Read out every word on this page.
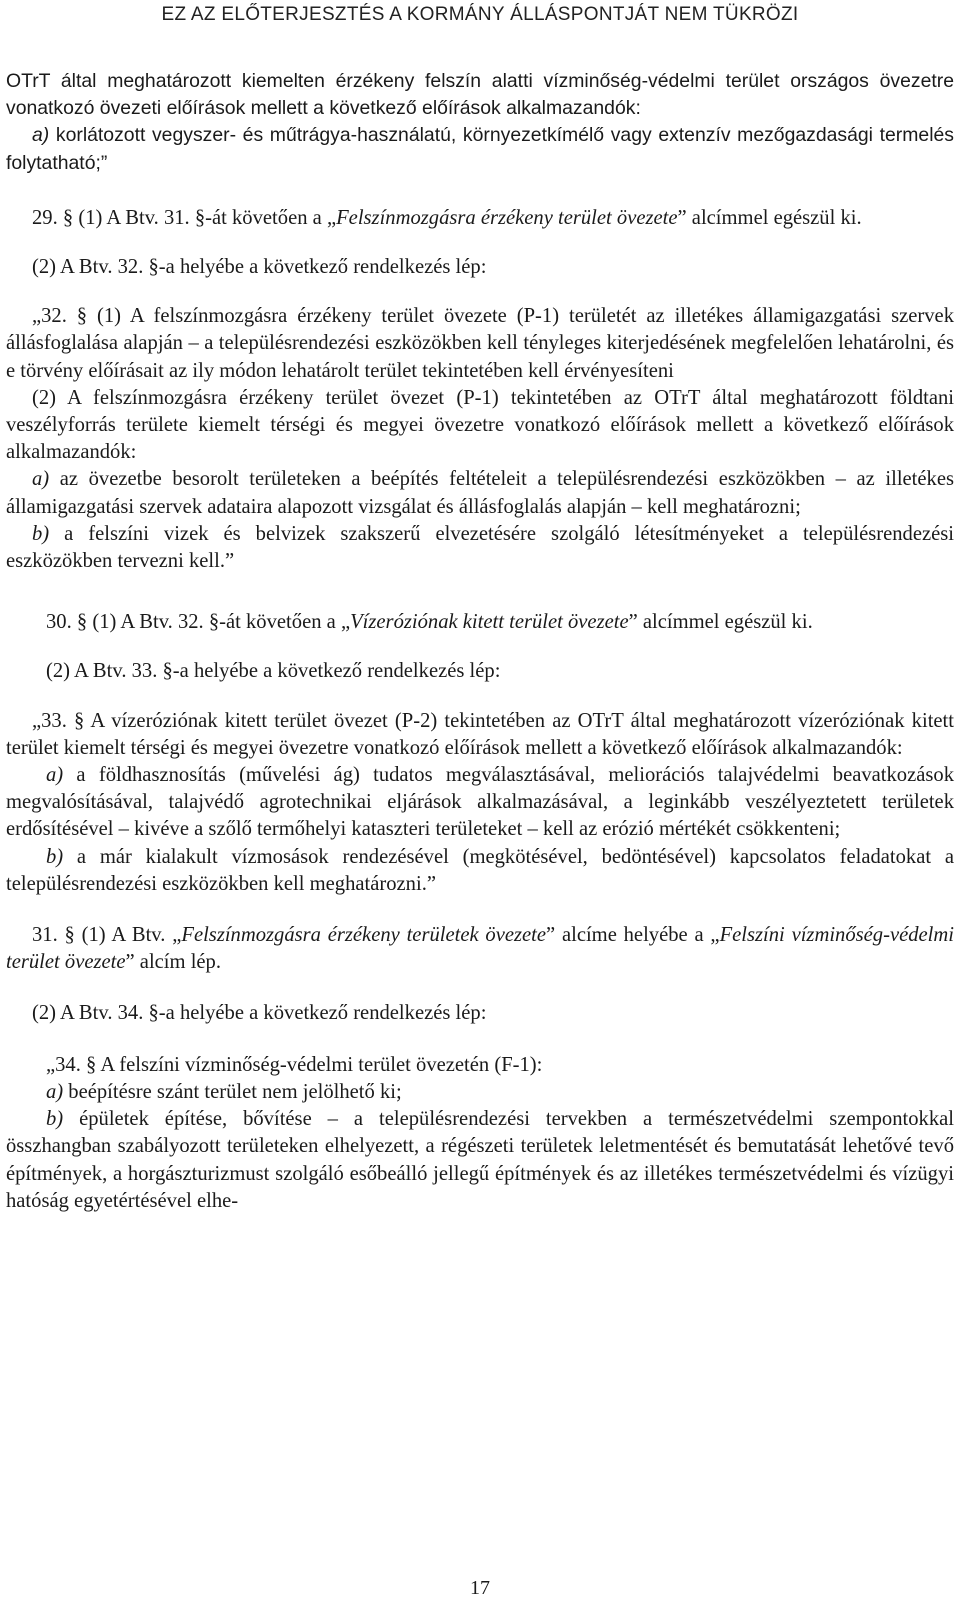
EZ AZ ELŐTERJESZTÉS A KORMÁNY ÁLLÁSPONTJÁT NEM TÜKRÖZI

OTrT által meghatározott kiemelten érzékeny felszín alatti vízminőség-védelmi terület országos övezetre vonatkozó övezeti előírások mellett a következő előírások alkalmazandók:

a) korlátozott vegyszer- és műtrágya-használatú, környezetkímélő vagy extenzív mezőgazdasági termelés folytatható;”

29. § (1) A Btv. 31. §-át követően a „Felszínmozgásra érzékeny terület övezete” alcímmel egészül ki.

(2) A Btv. 32. §-a helyébe a következő rendelkezés lép:

„32. § (1) A felszínmozgásra érzékeny terület övezete (P-1) területét az illetékes államigazgatási szervek állásfoglalása alapján – a településrendezési eszközökben kell tényleges kiterjedésének megfelelően lehatárolni, és e törvény előírásait az ily módon lehatárolt terület tekintetében kell érvényesíteni

(2) A felszínmozgásra érzékeny terület övezet (P-1) tekintetében az OTrT által meghatározott földtani veszélyforrás területe kiemelt térségi és megyei övezetre vonatkozó előírások mellett a következő előírások alkalmazandók:

a) az övezetbe besorolt területeken a beépítés feltételeit a településrendezési eszközökben – az illetékes államigazgatási szervek adataira alapozott vizsgálat és állásfoglalás alapján – kell meghatározni;

b) a felszíni vizek és belvizek szakszerű elvezetésére szolgáló létesítményeket a településrendezési eszközökben tervezni kell.”

30. § (1) A Btv. 32. §-át követően a „Vízeróziónak kitett terület övezete” alcímmel egészül ki.

(2) A Btv. 33. §-a helyébe a következő rendelkezés lép:

„33. § A vízeróziónak kitett terület övezet (P-2) tekintetében az OTrT által meghatározott vízeróziónak kitett terület kiemelt térségi és megyei övezetre vonatkozó előírások mellett a következő előírások alkalmazandók:

a) a földhasznosítás (művelési ág) tudatos megválasztásával, meliorációs talajvédelmi beavatkozások megvalósításával, talajvédő agrotechnikai eljárások alkalmazásával, a leginkább veszélyeztetett területek erdősítésével – kivéve a szőlő termőhelyi kataszteri területeket – kell az erózió mértékét csökkenteni;

b) a már kialakult vízmosások rendezésével (megkötésével, bedöntésével) kapcsolatos feladatokat a településrendezési eszközökben kell meghatározni.”

31. § (1) A Btv. „Felszínmozgásra érzékeny területek övezete” alcíme helyébe a „Felszíni vízminőség-védelmi terület övezete” alcím lép.

(2) A Btv. 34. §-a helyébe a következő rendelkezés lép:

„34. § A felszíni vízminőség-védelmi terület övezetén (F-1):

a) beépítésre szánt terület nem jelölhető ki;

b) épületek építése, bővítése – a településrendezési tervekben a természetvédelmi szempontokkal összhangban szabályozott területeken elhelyezett, a régészeti területek leletmentését és bemutatását lehetővé tevő építmények, a horgászturizmust szolgáló esőbeálló jellegű építmények és az illetékes természetvédelmi és vízügyi hatóság egyetértésével elhe-

17
